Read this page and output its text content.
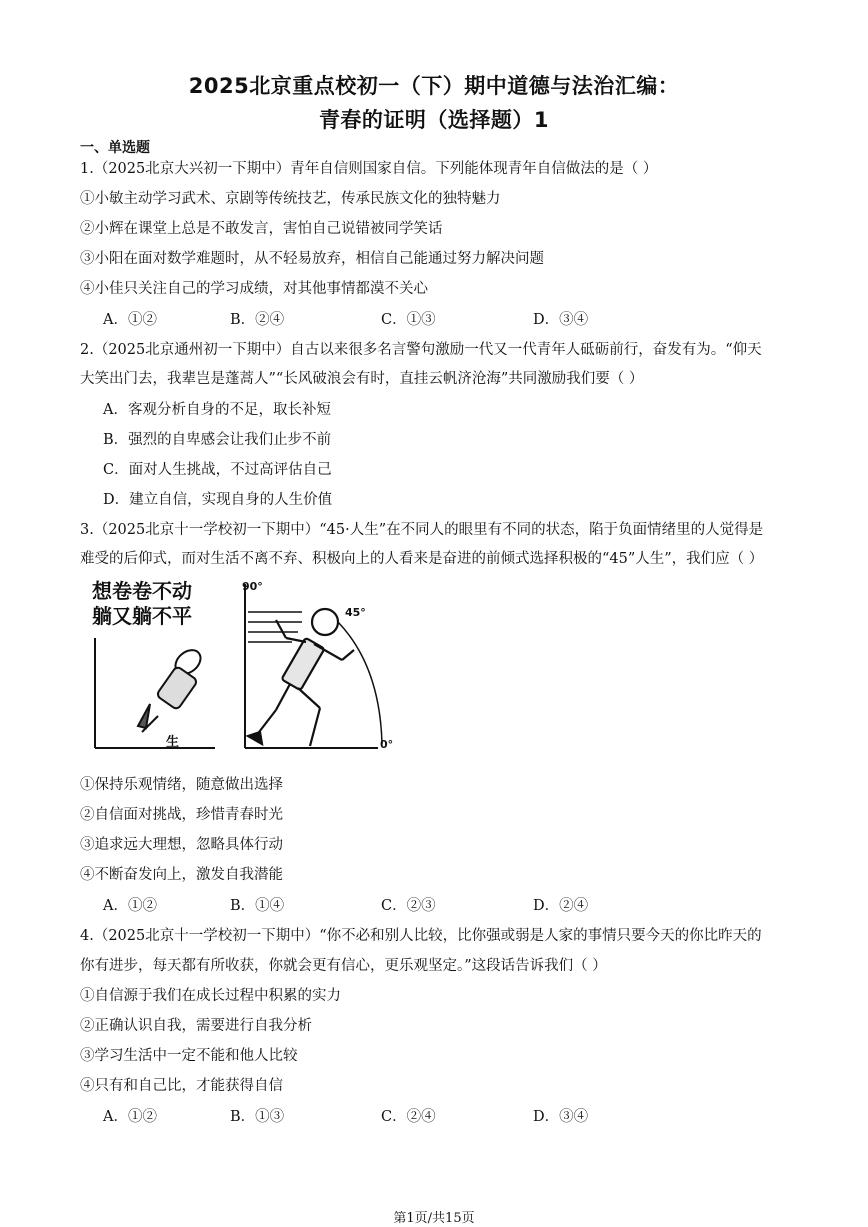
2025北京重点校初一（下）期中道德与法治汇编：
青春的证明（选择题）1
一、单选题
1.（2025北京大兴初一下期中）青年自信则国家自信。下列能体现青年自信做法的是（ ）
①小敏主动学习武术、京剧等传统技艺，传承民族文化的独特魅力
②小辉在课堂上总是不敢发言，害怕自己说错被同学笑话
③小阳在面对数学难题时，从不轻易放弃，相信自己能通过努力解决问题
④小佳只关注自己的学习成绩，对其他事情都漠不关心
A．①②	B．②④	C．①③	D．③④
2.（2025北京通州初一下期中）自古以来很多名言警句激励一代又一代青年人砥砺前行，奋发有为。“仰天
大笑出门去，我辈岂是蓬蒿人”“长风破浪会有时，直挂云帆济沧海”共同激励我们要（ ）
A．客观分析自身的不足，取长补短
B．强烈的自卑感会让我们止步不前
C．面对人生挑战，不过高评估自己
D．建立自信，实现自身的人生价值
3.（2025北京十一学校初一下期中）“45·人生”在不同人的眼里有不同的状态，陷于负面情绪里的人觉得是
难受的后仰式，而对生活不离不弃、积极向上的人看来是奋进的前倾式选择积极的“45”人生”，我们应（ ）
想卷卷不动
躺又躺不平
生
90°
45°
0°
①保持乐观情绪，随意做出选择
②自信面对挑战，珍惜青春时光
③追求远大理想，忽略具体行动
④不断奋发向上，激发自我潜能
A．①②	B．①④	C．②③	D．②④
4.（2025北京十一学校初一下期中）“你不必和别人比较，比你强或弱是人家的事情只要今天的你比昨天的
你有进步，每天都有所收获，你就会更有信心，更乐观坚定。”这段话告诉我们（ ）
①自信源于我们在成长过程中积累的实力
②正确认识自我，需要进行自我分析
③学习生活中一定不能和他人比较
④只有和自己比，才能获得自信
A．①②	B．①③	C．②④	D．③④
第1页/共15页
